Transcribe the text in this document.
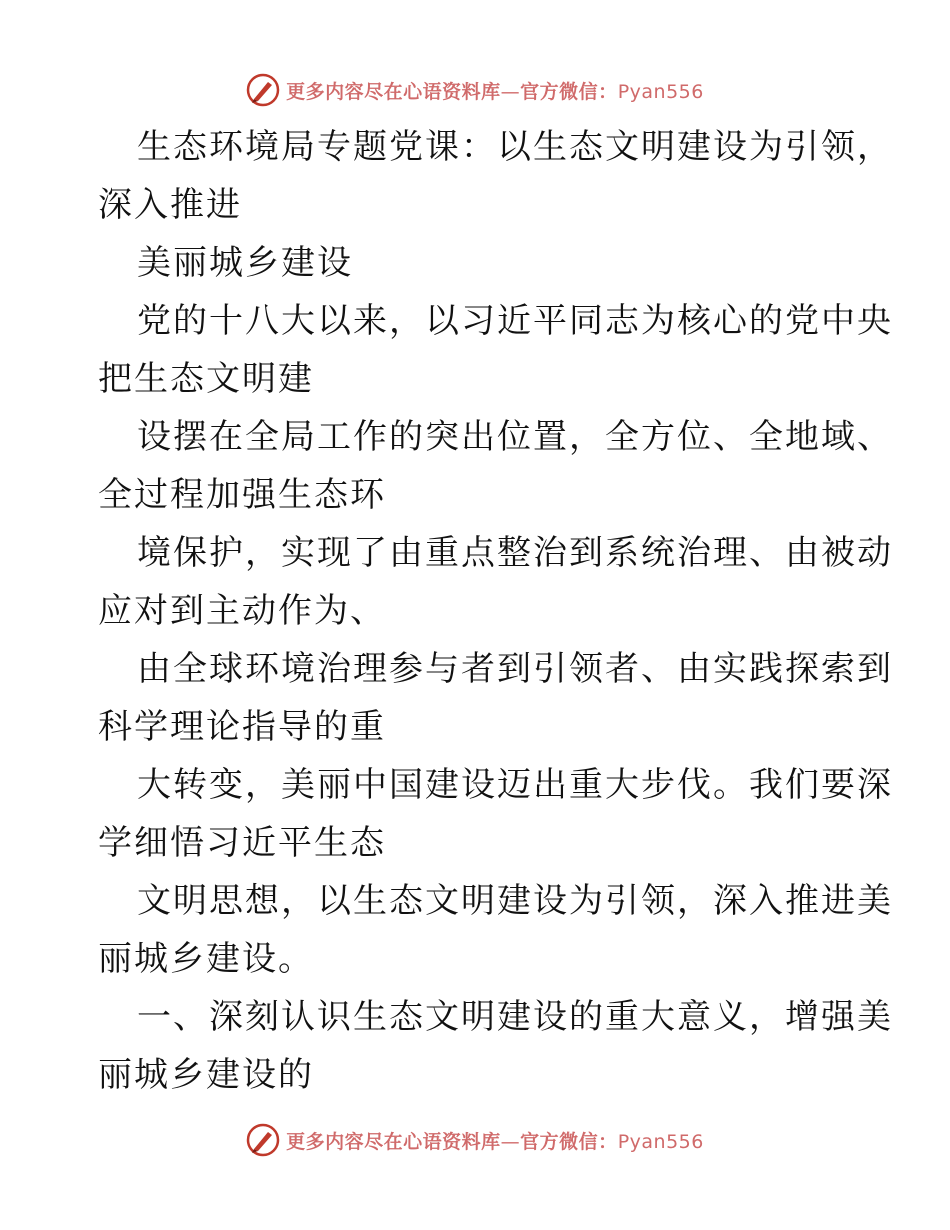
更多内容尽在心语资料库—官方微信：Pyan556
生态环境局专题党课：以生态文明建设为引领，
深入推进
美丽城乡建设
党的十八大以来，以习近平同志为核心的党中央
把生态文明建
设摆在全局工作的突出位置，全方位、全地域、
全过程加强生态环
境保护，实现了由重点整治到系统治理、由被动
应对到主动作为、
由全球环境治理参与者到引领者、由实践探索到
科学理论指导的重
大转变，美丽中国建设迈出重大步伐。我们要深
学细悟习近平生态
文明思想，以生态文明建设为引领，深入推进美
丽城乡建设。
一、深刻认识生态文明建设的重大意义，增强美
丽城乡建设的
更多内容尽在心语资料库—官方微信：Pyan556
